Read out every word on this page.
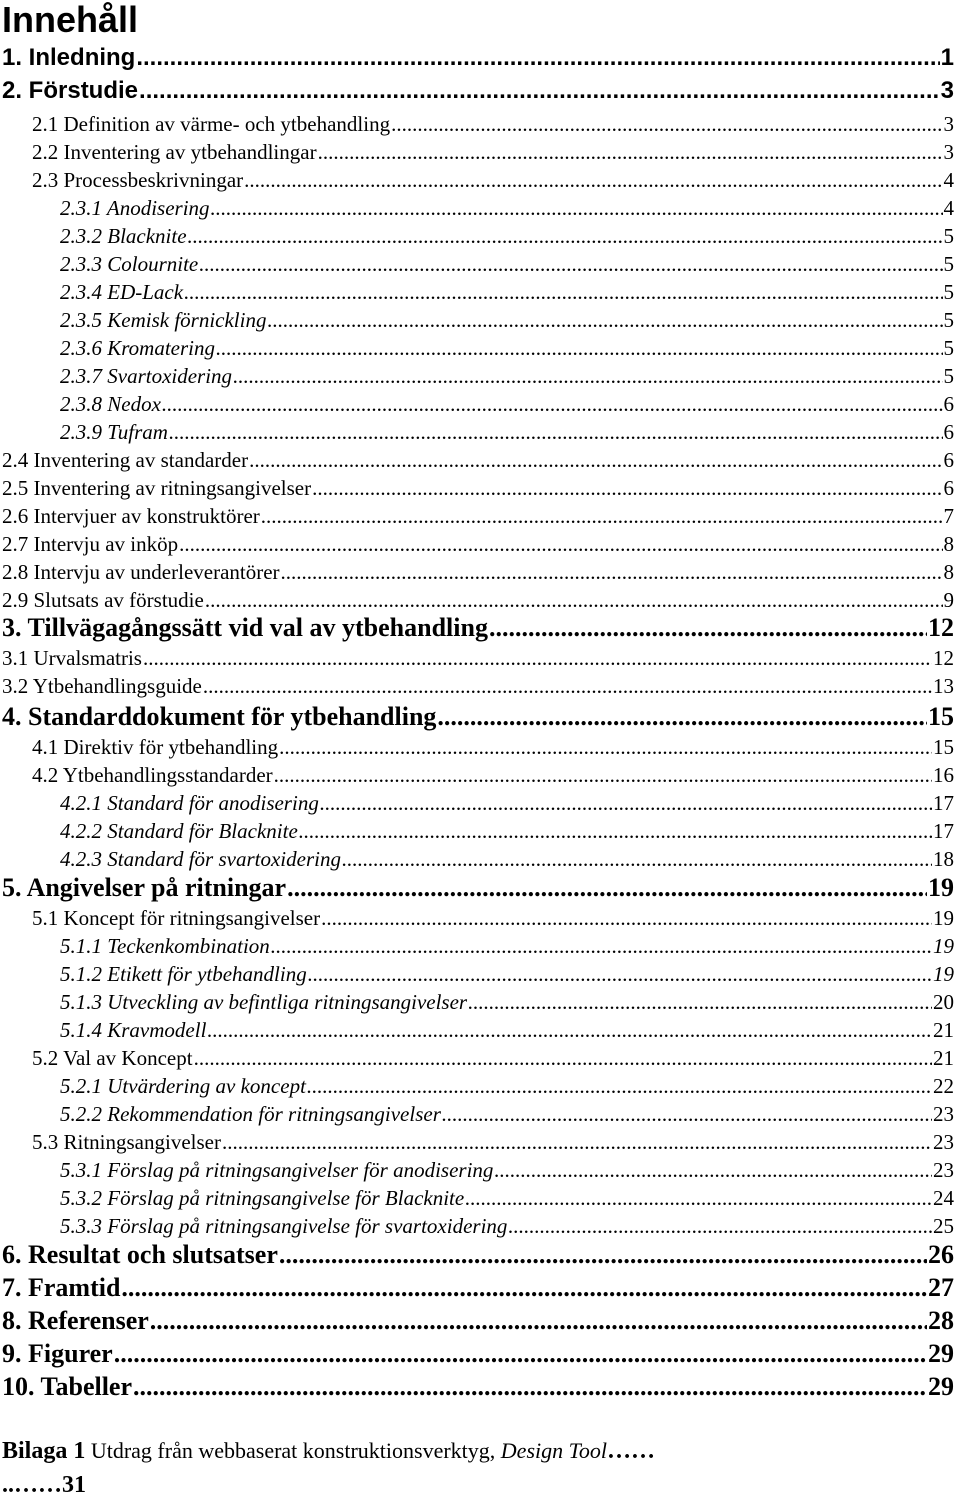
Innehåll
1. Inledning .....	1
2. Förstudie .....	3
2.1 Definition av värme- och ytbehandling .....	3
2.2 Inventering av ytbehandlingar .....	3
2.3 Processbeskrivningar .....	4
2.3.1 Anodisering .....	4
2.3.2 Blacknite .....	5
2.3.3 Colournite .....	5
2.3.4 ED-Lack .....	5
2.3.5 Kemisk förnickling .....	5
2.3.6 Kromatering .....	5
2.3.7 Svartoxidering .....	5
2.3.8 Nedox .....	6
2.3.9 Tufram .....	6
2.4 Inventering av standarder .....	6
2.5 Inventering av ritningsangivelser .....	6
2.6 Intervjuer av konstruktörer .....	7
2.7 Intervju av inköp .....	8
2.8 Intervju av underleverantörer .....	8
2.9 Slutsats av förstudie .....	9
3. Tillvägagångssätt vid val av ytbehandling .....	12
3.1 Urvalsmatris .....	12
3.2 Ytbehandlingsguide .....	13
4. Standarddokument för ytbehandling .....	15
4.1 Direktiv för ytbehandling .....	15
4.2 Ytbehandlingsstandarder .....	16
4.2.1 Standard för anodisering .....	17
4.2.2 Standard för Blacknite .....	17
4.2.3 Standard för svartoxidering .....	18
5. Angivelser på ritningar .....	19
5.1 Koncept för ritningsangivelser .....	19
5.1.1 Teckenkombination .....	19
5.1.2 Etikett för ytbehandling .....	19
5.1.3 Utveckling av befintliga ritningsangivelser .....	20
5.1.4 Kravmodell .....	21
5.2 Val av Koncept .....	21
5.2.1 Utvärdering av koncept .....	22
5.2.2 Rekommendation för ritningsangivelser .....	23
5.3 Ritningsangivelser .....	23
5.3.1 Förslag på ritningsangivelser för anodisering .....	23
5.3.2 Förslag på ritningsangivelse för Blacknite .....	24
5.3.3 Förslag på ritningsangivelse för svartoxidering .....	25
6. Resultat och slutsatser .....	26
7. Framtid .....	27
8. Referenser .....	28
9. Figurer .....	29
10. Tabeller .....	29
Bilaga 1 Utdrag från webbaserat konstruktionsverktyg, Design Tool……
..……31
